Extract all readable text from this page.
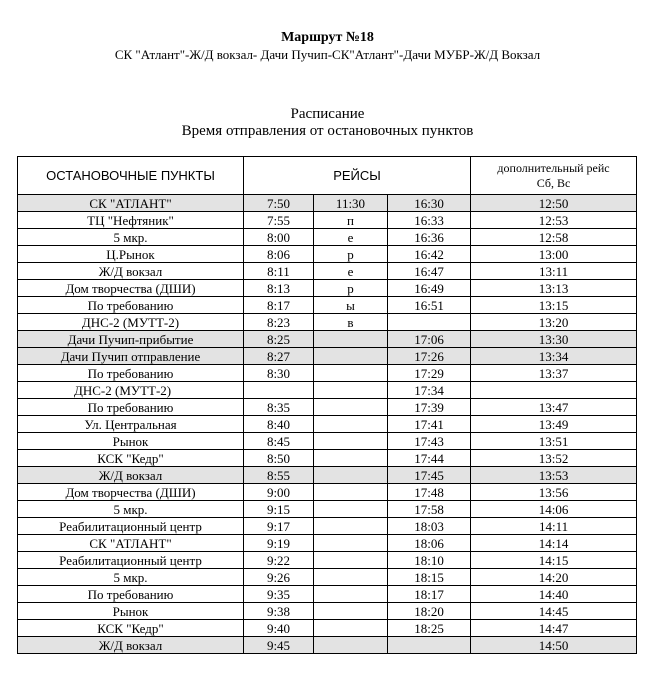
Маршрут №18
СК "Атлант"-Ж/Д вокзал- Дачи Пучип-СК"Атлант"-Дачи МУБР-Ж/Д Вокзал
Расписание
Время отправления от остановочных пунктов
ОСТАНОВОЧНЫЕ ПУНКТЫ	РЕЙСЫ			дополнительный рейс
Сб, Вс

СК "АТЛАНТ"	7:50	11:30	16:30	12:50
ТЦ "Нефтяник"	7:55	п	16:33	12:53
5 мкр.	8:00	е	16:36	12:58
Ц.Рынок	8:06	р	16:42	13:00
Ж/Д вокзал	8:11	е	16:47	13:11
Дом творчества (ДШИ)	8:13	р	16:49	13:13
По требованию	8:17	ы	16:51	13:15
ДНС-2 (МУТТ-2)	8:23	в		13:20
Дачи Пучип-прибытие	8:25		17:06	13:30
Дачи Пучип отправление	8:27		17:26	13:34
По требованию	8:30		17:29	13:37
ДНС-2 (МУТТ-2)			17:34	
По требованию	8:35		17:39	13:47
Ул. Центральная	8:40		17:41	13:49
Рынок	8:45		17:43	13:51
КСК "Кедр"	8:50		17:44	13:52
Ж/Д вокзал	8:55		17:45	13:53
Дом творчества (ДШИ)	9:00		17:48	13:56
5 мкр.	9:15		17:58	14:06
Реабилитационный центр	9:17		18:03	14:11
СК "АТЛАНТ"	9:19		18:06	14:14
Реабилитационный центр	9:22		18:10	14:15
5 мкр.	9:26		18:15	14:20
По требованию	9:35		18:17	14:40
Рынок	9:38		18:20	14:45
КСК "Кедр"	9:40		18:25	14:47
Ж/Д вокзал	9:45			14:50
